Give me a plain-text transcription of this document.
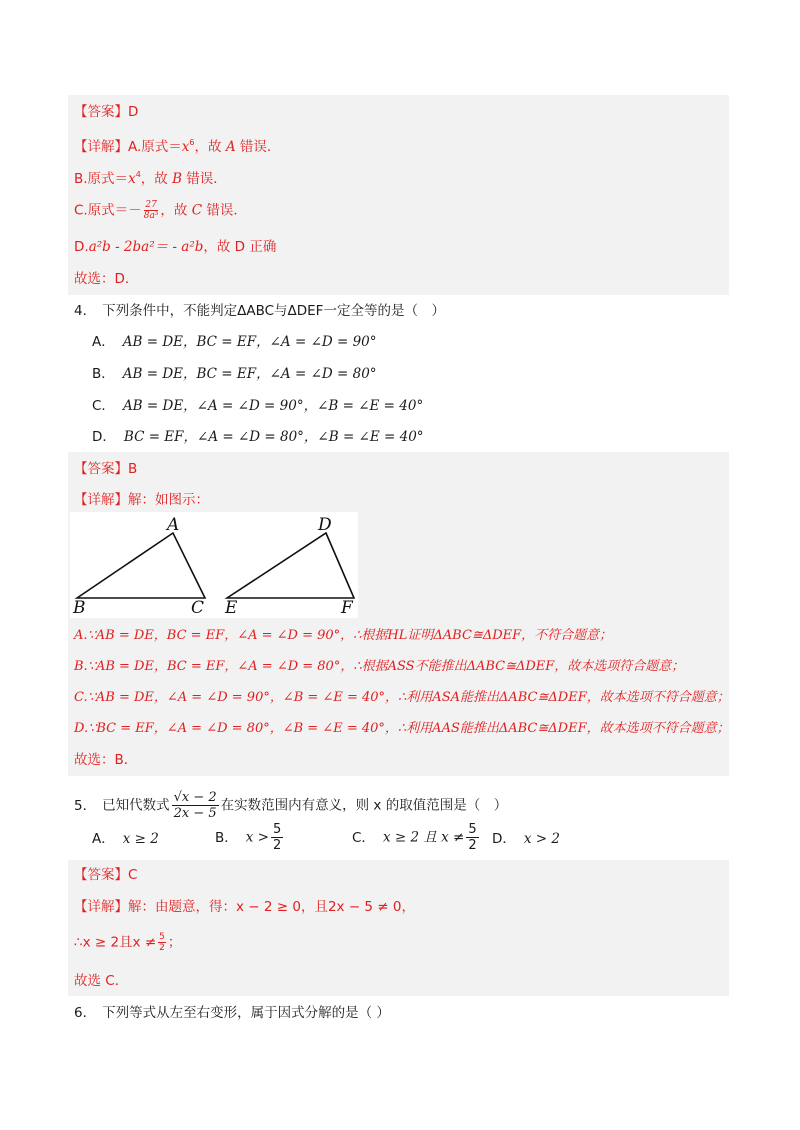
【答案】D
【详解】A.原式$=x^6$，故 A 错误．
B.原式$=x^4$，故 B 错误．
C.原式＝－ $\frac{27}{\text{8a³}}$ ，故 C 错误．
D.a²b - 2ba²＝ - a²b，故 D 正确
故选：D．
4． 下列条件中，不能判定ΔABC与ΔDEF一定全等的是（　）
A． AB = DE，BC = EF，∠A = ∠D = 90°
B． AB = DE，BC = EF，∠A = ∠D = 80°
C． AB = DE，∠A = ∠D = 90°，∠B = ∠E = 40°
D． BC = EF，∠A = ∠D = 80°，∠B = ∠E = 40°
【答案】B
【详解】解：如图示：
A
B	C
D
E	F
A.∵AB = DE，BC = EF，∠A = ∠D = 90°，∴根据HL证明ΔABC≅ΔDEF，不符合题意；
B.∵AB = DE，BC = EF，∠A = ∠D = 80°，∴根据ASS不能推出ΔABC≅ΔDEF，故本选项符合题意；
C.∵AB = DE，∠A = ∠D = 90°，∠B = ∠E = 40°，∴利用ASA能推出ΔABC≅ΔDEF，故本选项不符合题意；
D.∵BC = EF，∠A = ∠D = 80°，∠B = ∠E = 40°，∴利用AAS能推出ΔABC≅ΔDEF，故本选项不符合题意；
故选：B．
5． 已知代数式 $\frac{√x - 2}{2x - 5}$ 在实数范围内有意义，则 x 的取值范围是（　）
A． x ≥ 2	B． $x > \frac{5}{2}$	C． x ≥ 2 且 $x \ne \frac{5}{2}$ D． x > 2
【答案】C
【详解】解：由题意，得：x − 2 ≥ 0，且2x − 5 ≠ 0，
∴x ≥ 2且$x \ne \frac{5}{2}$ ；
故选 C．
6． 下列等式从左至右变形，属于因式分解的是（ ）
